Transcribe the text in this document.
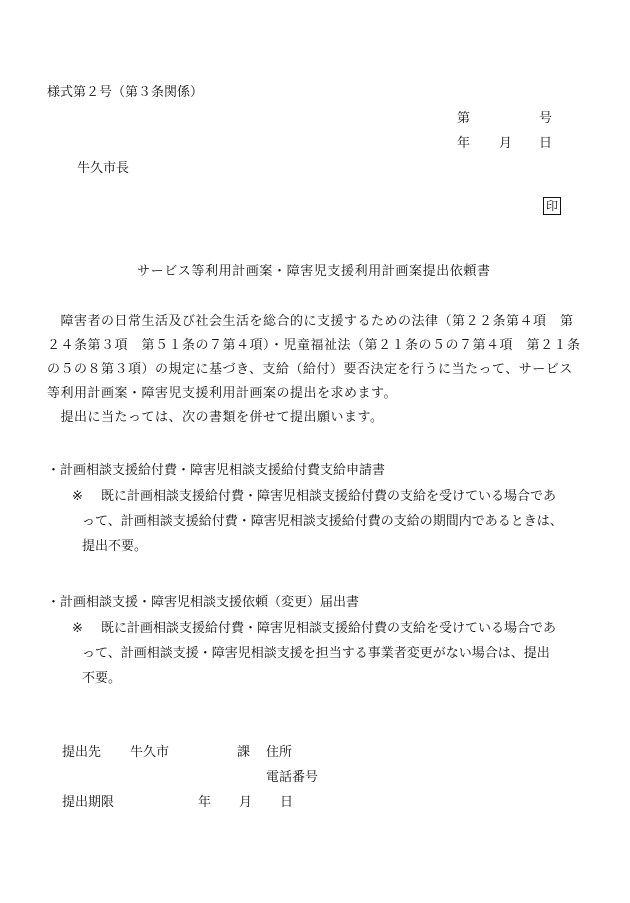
様式第２号（第３条関係）
第	号
年 月 日
牛久市長
印
サービス等利用計画案・障害児支援利用計画案提出依頼書
　障害者の日常生活及び社会生活を総合的に支援するための法律（第２２条第４項　第
２４条第３項　第５１条の７第４項）・児童福祉法（第２１条の５の７第４項　第２１条
の５の８第３項）の規定に基づき、支給（給付）要否決定を行うに当たって、サービス
等利用計画案・障害児支援利用計画案の提出を求めます。
　提出に当たっては、次の書類を併せて提出願います。
・計画相談支援給付費・障害児相談支援給付費支給申請書
※ 既に計画相談支援給付費・障害児相談支援給付費の支給を受けている場合であ
って、計画相談支援給付費・障害児相談支援給付費の支給の期間内であるときは、
提出不要。
・計画相談支援・障害児相談支援依頼（変更）届出書
※ 既に計画相談支援給付費・障害児相談支援給付費の支給を受けている場合であ
って、計画相談支援・障害児相談支援を担当する事業者変更がない場合は、提出
不要。
提出先 牛久市	課 住所
電話番号
提出期限	年 月 日
